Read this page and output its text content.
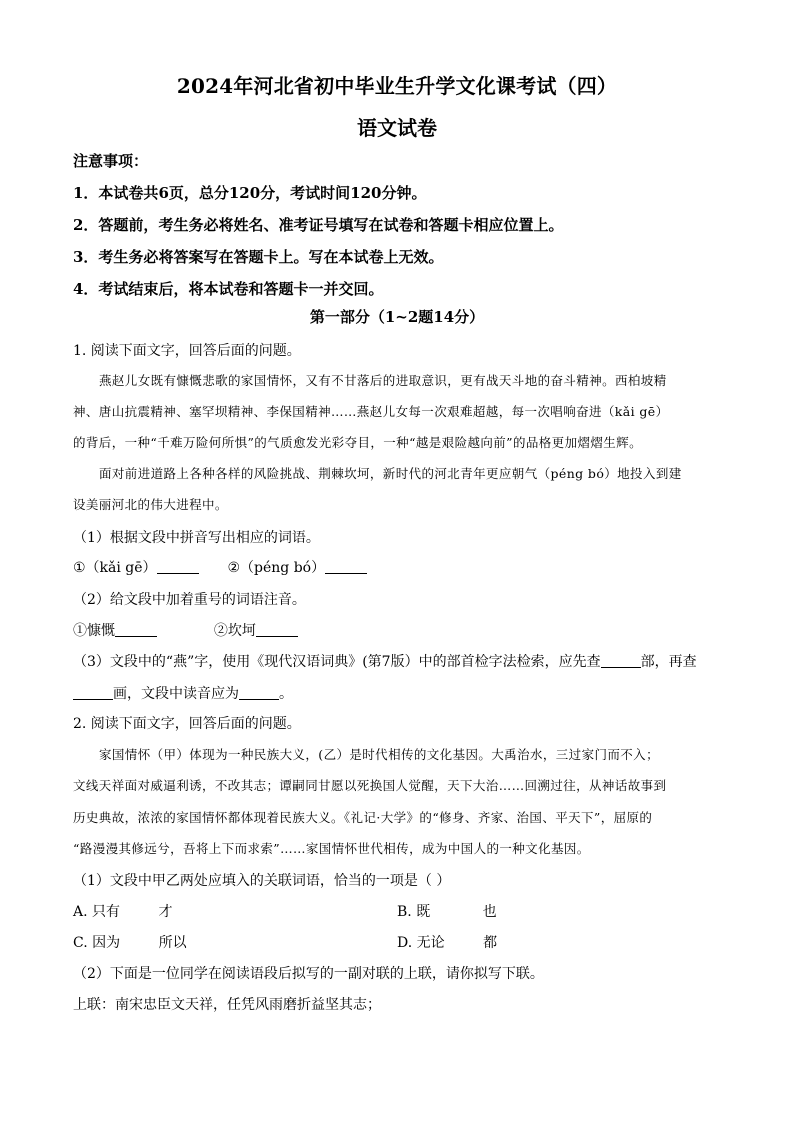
2024年河北省初中毕业生升学文化课考试（四）
语文试卷
注意事项：
1．本试卷共6页，总分120分，考试时间120分钟。
2．答题前，考生务必将姓名、准考证号填写在试卷和答题卡相应位置上。
3．考生务必将答案写在答题卡上。写在本试卷上无效。
4．考试结束后，将本试卷和答题卡一并交回。
第一部分（1~2题14分）
1. 阅读下面文字，回答后面的问题。
燕赵儿女既有慷慨悲歌的家国情怀，又有不甘落后的进取意识，更有战天斗地的奋斗精神。西柏坡精
神、唐山抗震精神、塞罕坝精神、李保国精神……燕赵儿女每一次艰难超越，每一次唱响奋进（kǎi gē）
的背后，一种“千难万险何所惧”的气质愈发光彩夺目，一种“越是艰险越向前”的品格更加熠熠生辉。
面对前进道路上各种各样的风险挑战、荆棘坎坷，新时代的河北青年更应朝气（péng bó）地投入到建
设美丽河北的伟大进程中。
（1）根据文段中拼音写出相应的词语。
①（kǎi gē）	②（péng bó）
（2）给文段中加着重号的词语注音。
①慷慨	②坎坷
（3）文段中的“燕”字，使用《现代汉语词典》(第7版）中的部首检字法检索，应先查	部，再查
画，文段中读音应为	。
2. 阅读下面文字，回答后面的问题。
家国情怀（甲）体现为一种民族大义，(乙）是时代相传的文化基因。大禹治水，三过家门而不入；
文线天祥面对威逼利诱，不改其志；谭嗣同甘愿以死换国人觉醒，天下大治……回溯过往，从神话故事到
历史典故，浓浓的家国情怀都体现着民族大义。《礼记·大学》的“修身、齐家、治国、平天下”，屈原的
“路漫漫其修远兮，吾将上下而求索”……家国情怀世代相传，成为中国人的一种文化基因。
（1）文段中甲乙两处应填入的关联词语，恰当的一项是（ ）
A. 只有	才	B. 既	也
C. 因为	所以	D. 无论	都
（2）下面是一位同学在阅读语段后拟写的一副对联的上联，请你拟写下联。
上联：南宋忠臣文天祥，任凭风雨磨折益坚其志；
